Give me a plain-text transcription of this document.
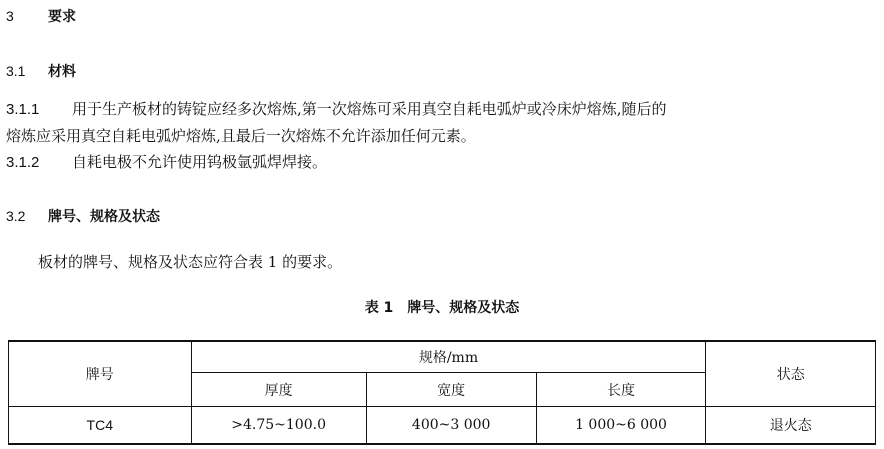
3 要求
3.1 材料
3.1.1 用于生产板材的铸锭应经多次熔炼,第一次熔炼可采用真空自耗电弧炉或冷床炉熔炼,随后的
熔炼应采用真空自耗电弧炉熔炼,且最后一次熔炼不允许添加任何元素。
3.1.2 自耗电极不允许使用钨极氩弧焊焊接。
3.2 牌号、规格及状态
板材的牌号、规格及状态应符合表 1 的要求。
表 1 牌号、规格及状态
牌号	规格/mm			状态
	厚度	宽度	长度	
TC4	>4.75~100.0	400~3 000	1 000~6 000	退火态
